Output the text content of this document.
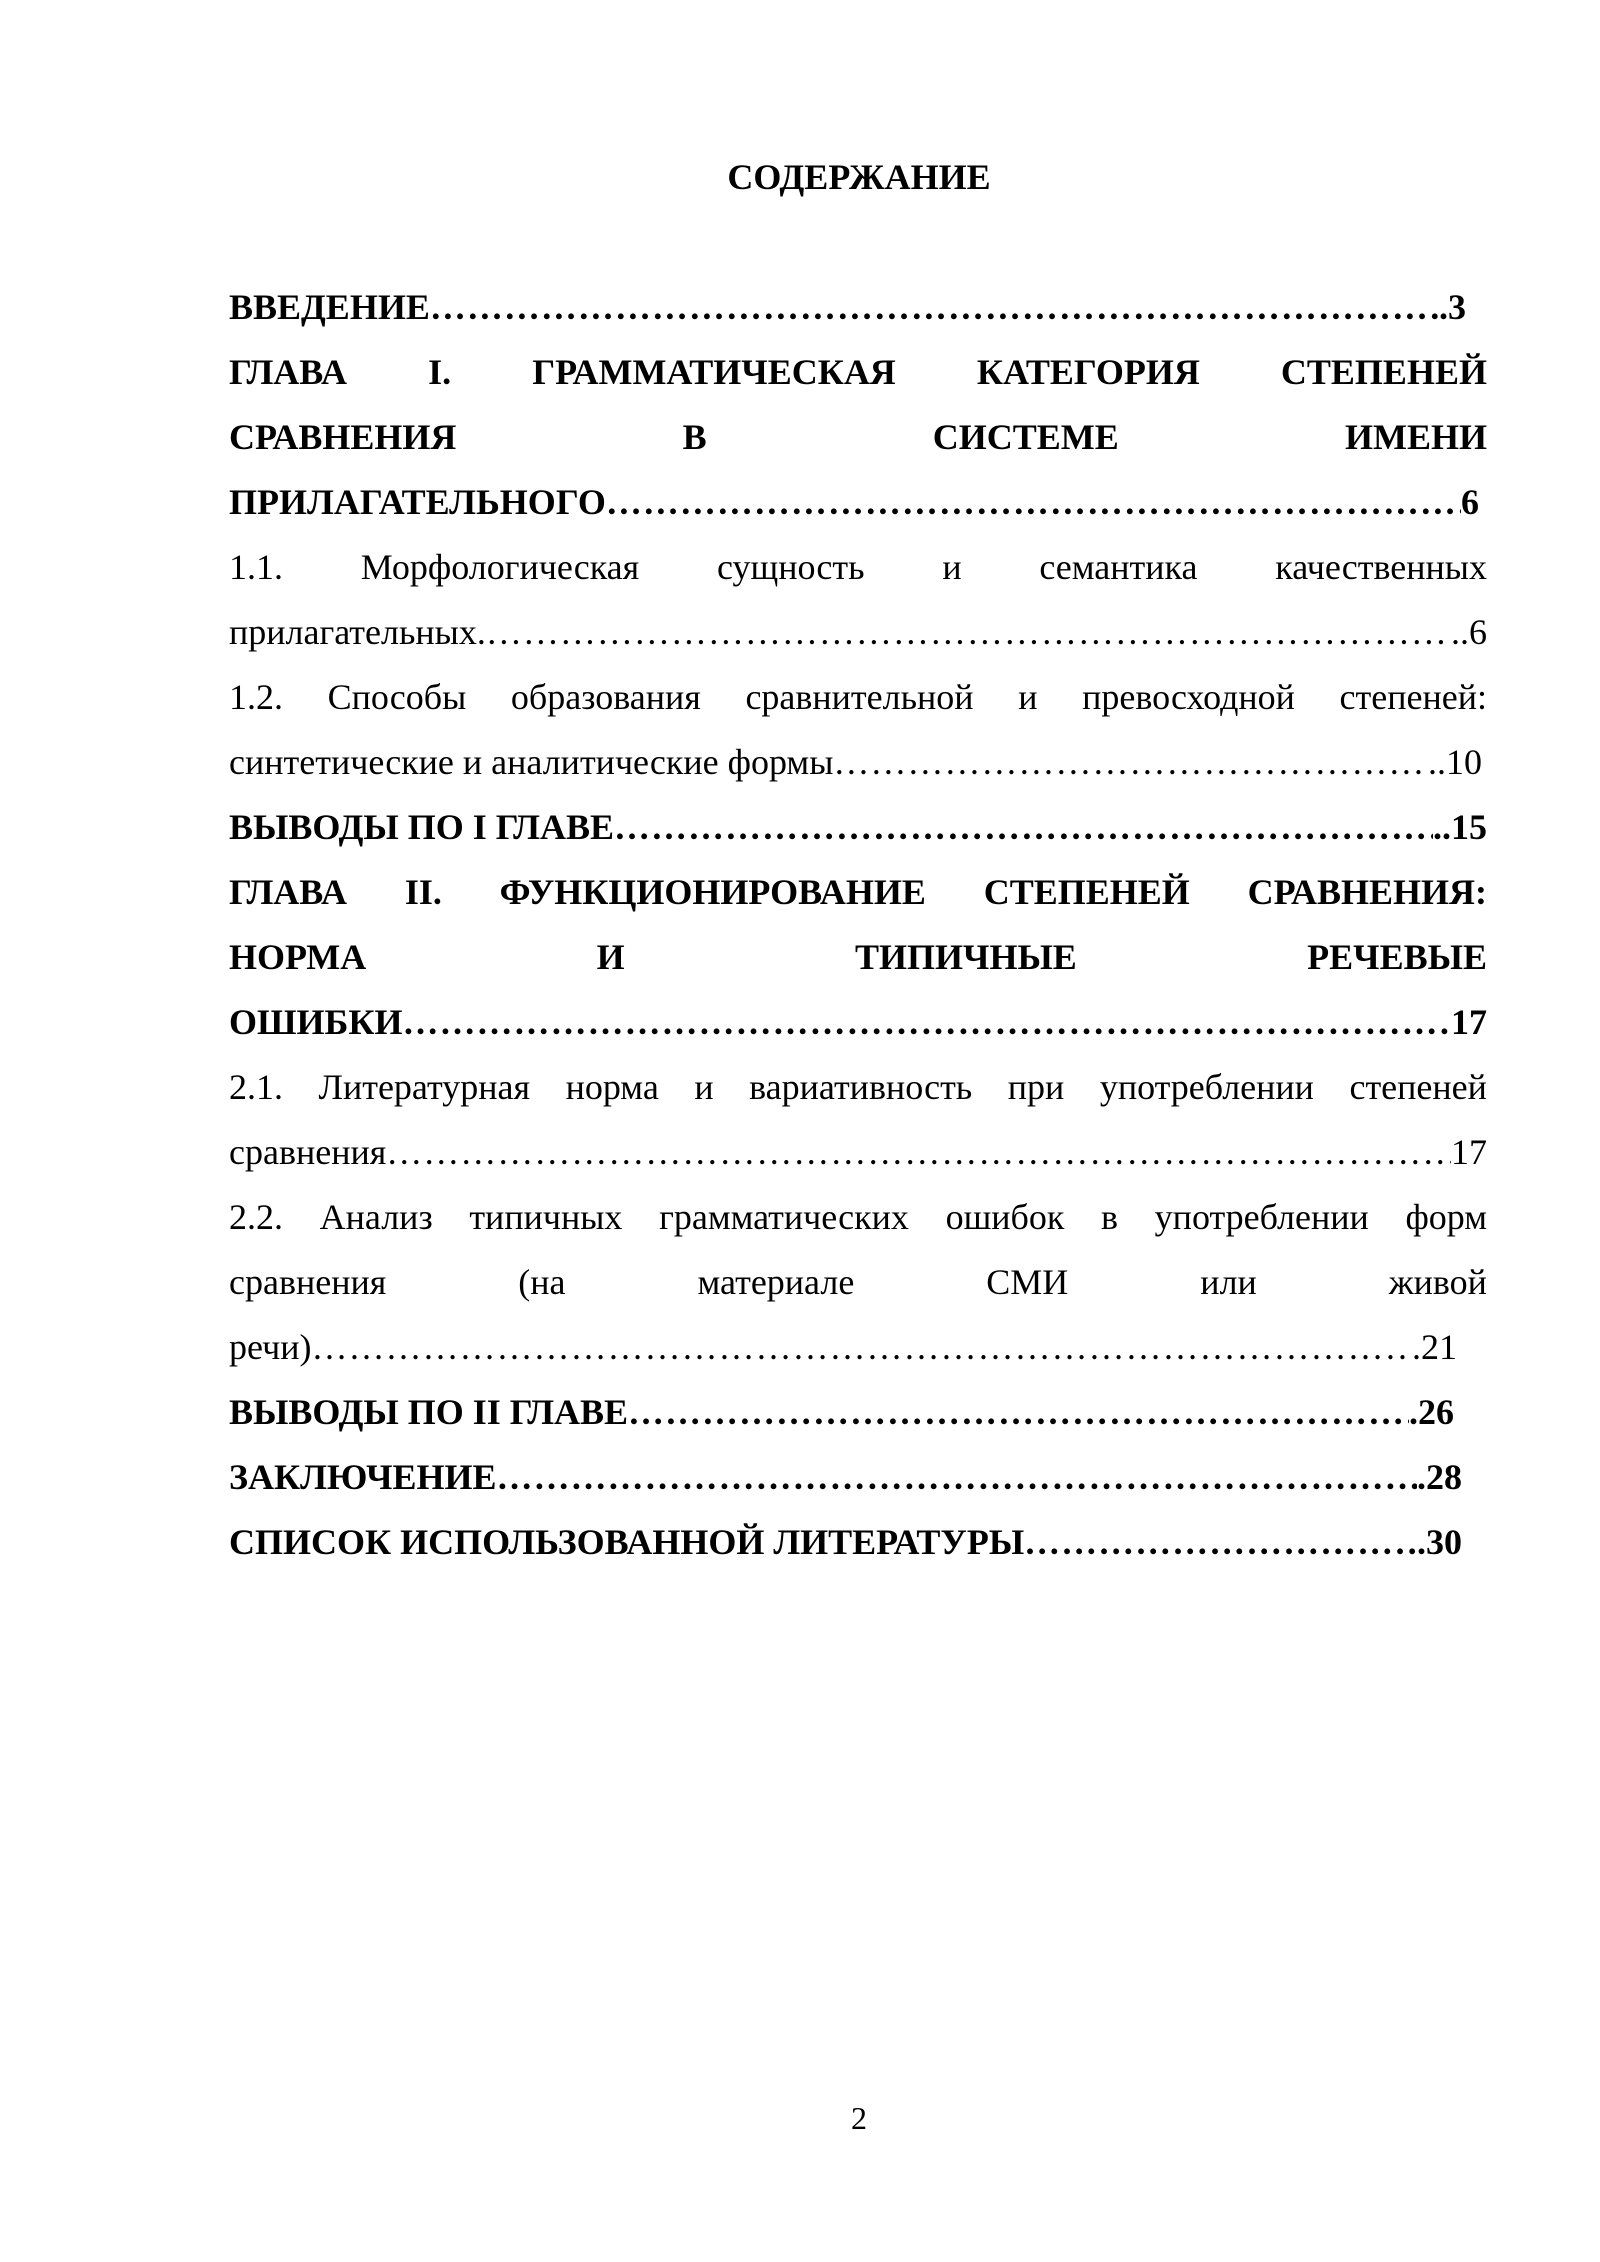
СОДЕРЖАНИЕ
ВВЕДЕНИЕ …………………………………………………………………………………………………………………………………………………………	.3
ГЛАВА I. ГРАММАТИЧЕСКАЯ КАТЕГОРИЯ СТЕПЕНЕЙ
СРАВНЕНИЯ	В	СИСТЕМЕ	ИМЕНИ
ПРИЛАГАТЕЛЬНОГО …………………………………………………………………………………………………………………………………………………………	6
1.1. Морфологическая сущность и семантика качественных
прилагательных. …………………………………………………………………………………………………………………………………………………………	..6
1.2. Способы образования сравнительной и превосходной степеней:
синтетические и аналитические формы …………………………………………………………………………………………………………………………………………………………	..10
ВЫВОДЫ ПО I ГЛАВЕ …………………………………………………………………………………………………………………………………………………………	..15
ГЛАВА II. ФУНКЦИОНИРОВАНИЕ СТЕПЕНЕЙ СРАВНЕНИЯ:
НОРМА	И	ТИПИЧНЫЕ	РЕЧЕВЫЕ
ОШИБКИ …………………………………………………………………………………………………………………………………………………………	17
2.1. Литературная норма и вариативность при употреблении степеней
сравнения …………………………………………………………………………………………………………………………………………………………	17
2.2. Анализ типичных грамматических ошибок в употреблении форм
сравнения	(на	материале	СМИ	или	живой
речи) …………………………………………………………………………………………………………………………………………………………	.21
ВЫВОДЫ ПО II ГЛАВЕ …………………………………………………………………………………………………………………………………………………………	.26
ЗАКЛЮЧЕНИЕ …………………………………………………………………………………………………………………………………………………………	.28
СПИСОК ИСПОЛЬЗОВАННОЙ ЛИТЕРАТУРЫ …………………………………………………………………………………………………………………………………………………………	.30
2
